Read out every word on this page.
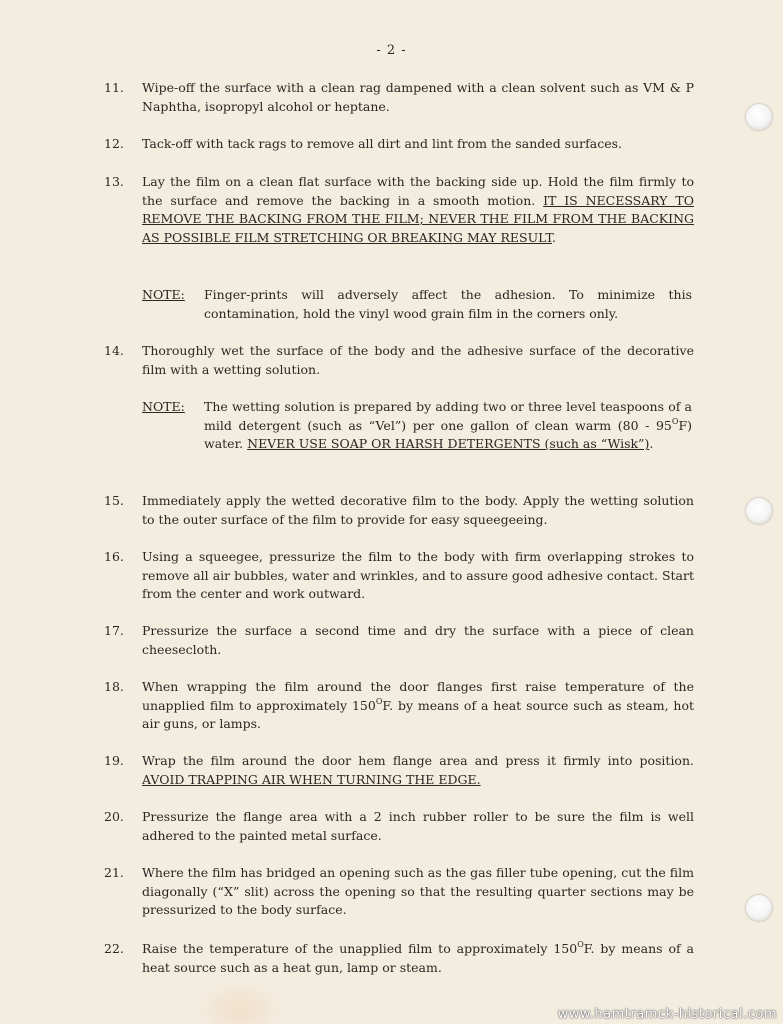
- 2 -
11.	Wipe-off the surface with a clean rag dampened with a clean solvent such as VM & P Naphtha, isopropyl alcohol or heptane.
12.	Tack-off with tack rags to remove all dirt and lint from the sanded surfaces.
13.	Lay the film on a clean flat surface with the backing side up. Hold the film firmly to the surface and remove the backing in a smooth motion. IT IS NECESSARY TO REMOVE THE BACKING FROM THE FILM; NEVER THE FILM FROM THE BACKING AS POSSIBLE FILM STRETCHING OR BREAKING MAY RESULT.
NOTE: Finger-prints will adversely affect the adhesion. To minimize this contamination, hold the vinyl wood grain film in the corners only.
14.	Thoroughly wet the surface of the body and the adhesive surface of the decorative film with a wetting solution.
NOTE: The wetting solution is prepared by adding two or three level teaspoons of a mild detergent (such as “Vel”) per one gallon of clean warm $(80 - 95^OF)$ water. NEVER USE SOAP OR HARSH DETERGENTS (such as “Wisk”).
15.	Immediately apply the wetted decorative film to the body. Apply the wetting solution to the outer surface of the film to provide for easy squeegeeing.
16.	Using a squeegee, pressurize the film to the body with firm overlapping strokes to remove all air bubbles, water and wrinkles, and to assure good adhesive contact. Start from the center and work outward.
17.	Pressurize the surface a second time and dry the surface with a piece of clean cheesecloth.
18.	When wrapping the film around the door flanges first raise temperature of the unapplied film to approximately $150^OF$. by means of a heat source such as steam, hot air guns, or lamps.
19.	Wrap the film around the door hem flange area and press it firmly into position. AVOID TRAPPING AIR WHEN TURNING THE EDGE.
20.	Pressurize the flange area with a 2 inch rubber roller to be sure the film is well adhered to the painted metal surface.
21.	Where the film has bridged an opening such as the gas filler tube opening, cut the film diagonally (“X” slit) across the opening so that the resulting quarter sections may be pressurized to the body surface.
22.	Raise the temperature of the unapplied film to approximately $150^OF$. by means of a heat source such as a heat gun, lamp or steam.
www.hamtramck-historical.com
